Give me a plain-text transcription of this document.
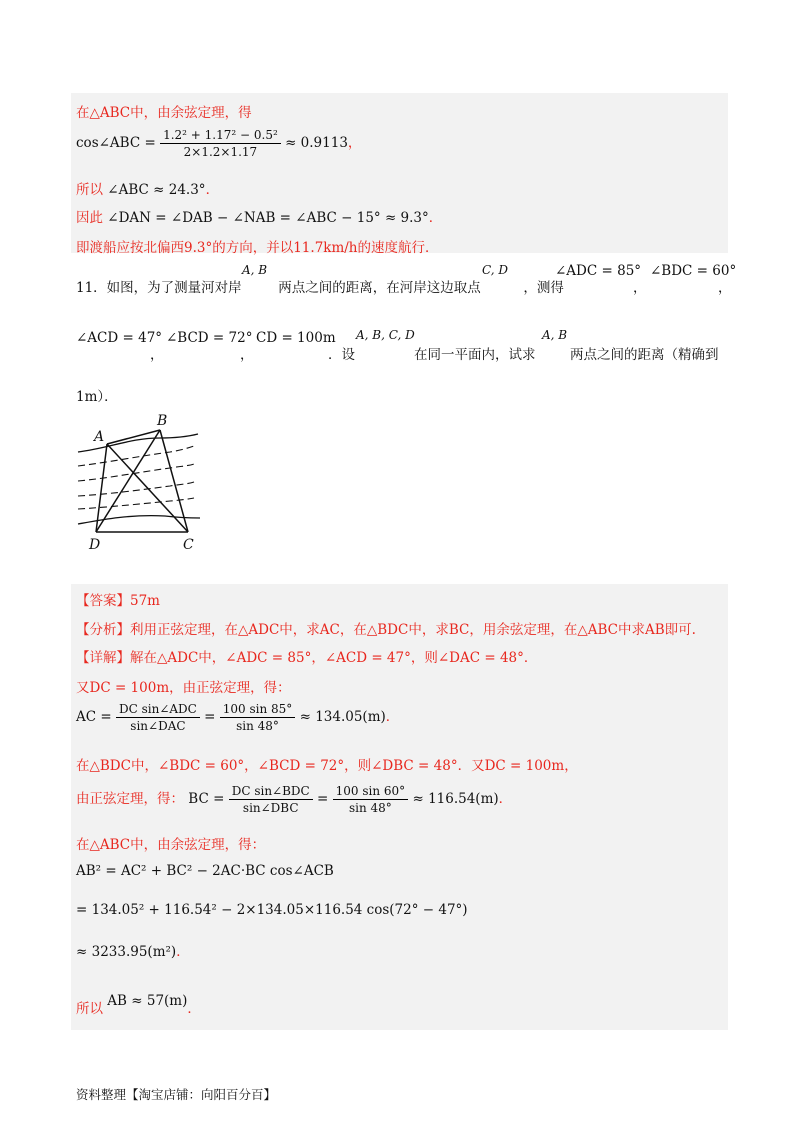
在△ABC中，由余弦定理，得
cos∠ABC = $\frac{\text{1.2² + 1.17² − 0.5²}}{2\times 1.2\times 1.17} \approx 0.9113$，
所以 ∠ABC ≈ 24.3°．
因此 ∠DAN = ∠DAB − ∠NAB = ∠ABC − 15° ≈ 9.3°．
即渡船应按北偏西9.3°的方向，并以11.7km/h的速度航行．
A, B	C, D
11．如图，为了测量河对岸	两点之间的距离，在河岸这边取点	，测得
∠ADC = 85°
，
∠BDC = 60°
，
∠ACD = 47°
，
∠BCD = 72°
，
CD = 100m
．设
A, B, C, D
在同一平面内，试求
A, B
两点之间的距离（精确到
1m）．
A
B
D	C
【答案】57m
【分析】利用正弦定理，在△ADC中，求AC，在△BDC中，求BC，用余弦定理，在△ABC中求AB即可.
【详解】解在△ADC中，∠ADC = 85°，∠ACD = 47°，则∠DAC = 48°．
又DC = 100m，由正弦定理，得：
AC = $\frac{\text{DC sin∠ADC}}{\text{sin∠DAC}} = \frac{100 \sin 85^\circ}{\sin 48^\circ} \approx 134.05(m)$．
在△BDC中，∠BDC = 60°，∠BCD = 72°，则∠DBC = 48°．又DC = 100m，
由正弦定理，得： BC = $\frac{\text{DC sin∠BDC}}{\text{sin∠DBC}} = \frac{100 \sin 60^\circ}{\sin 48^\circ} \approx 116.54(m)$．
在△ABC中，由余弦定理，得：
AB² = AC² + BC² − 2AC·BC cos∠ACB
= 134.05² + 116.54² − 2×134.05×116.54 cos(72° − 47°)
≈ 3233.95(m²)．
所以 AB ≈ 57(m)．
资料整理【淘宝店铺：向阳百分百】
